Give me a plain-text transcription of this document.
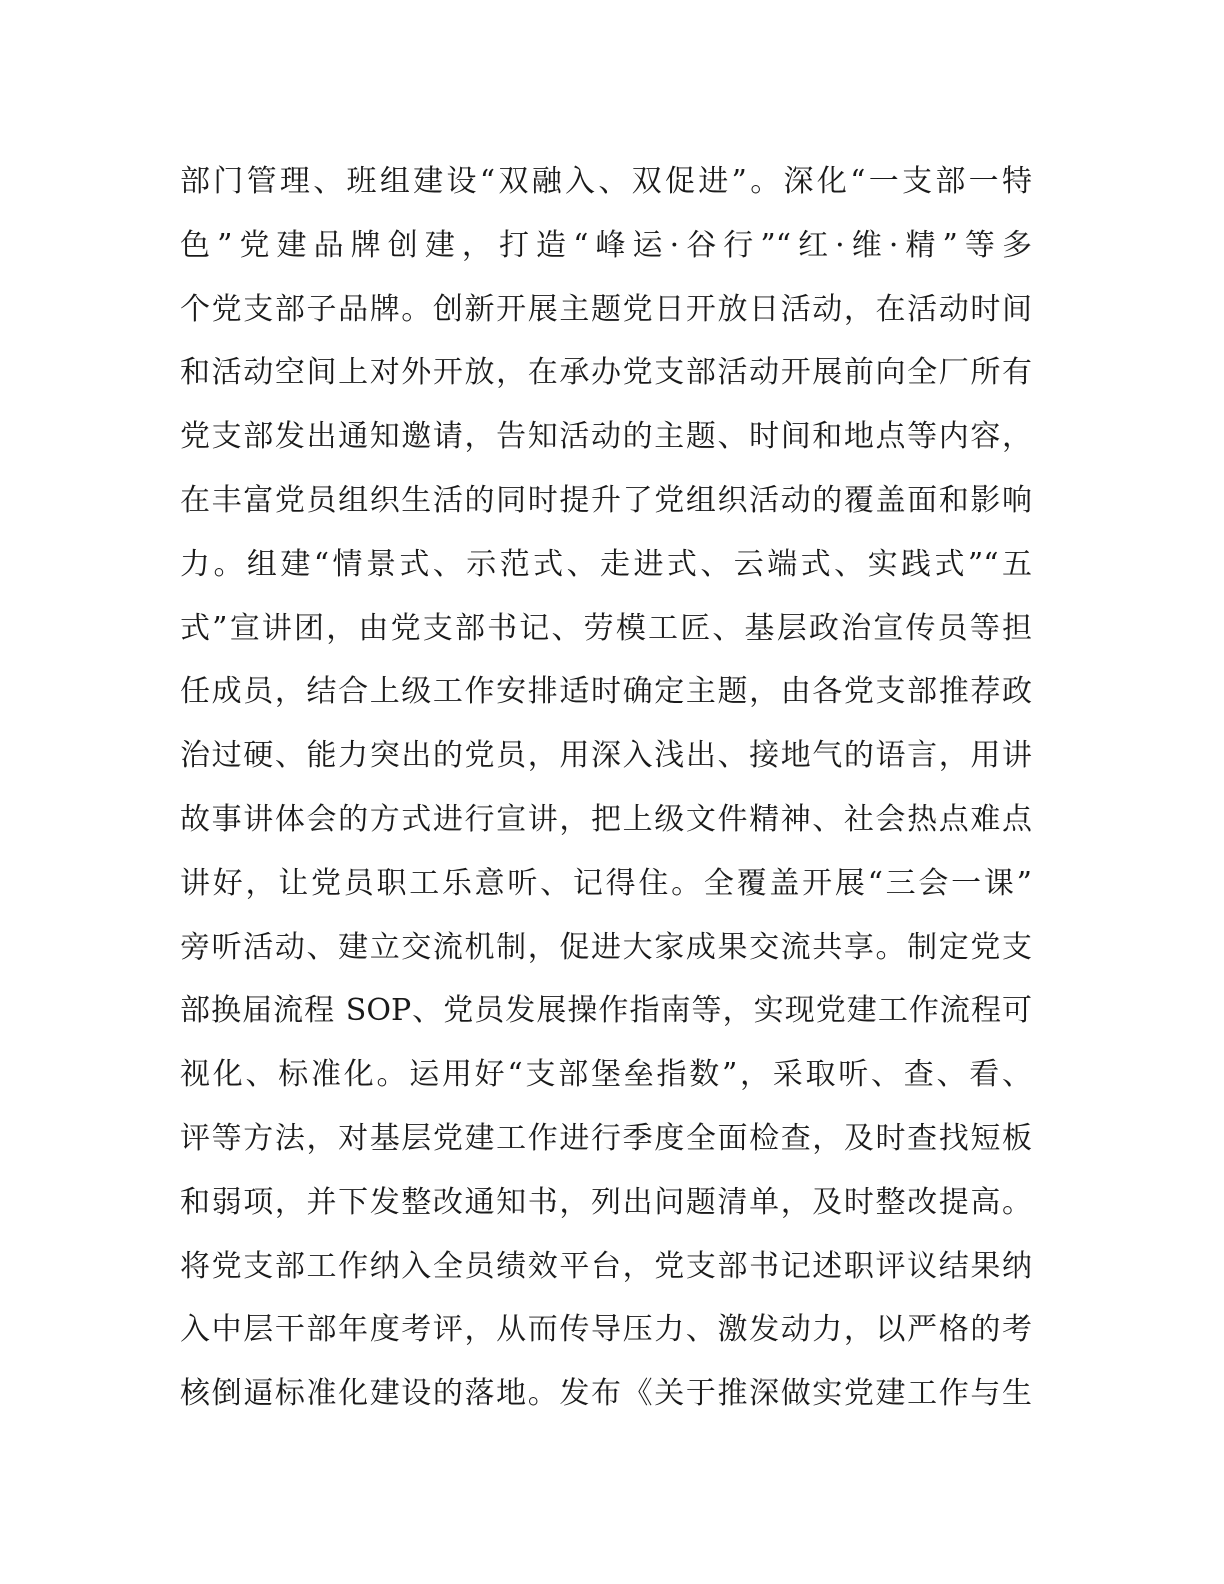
部门管理、班组建设“双融入、双促进”。深化“一支部一特
色”党建品牌创建，打造“峰运·谷行”“红·维·精”等多
个党支部子品牌。创新开展主题党日开放日活动，在活动时间
和活动空间上对外开放，在承办党支部活动开展前向全厂所有
党支部发出通知邀请，告知活动的主题、时间和地点等内容，
在丰富党员组织生活的同时提升了党组织活动的覆盖面和影响
力。组建“情景式、示范式、走进式、云端式、实践式”“五
式”宣讲团，由党支部书记、劳模工匠、基层政治宣传员等担
任成员，结合上级工作安排适时确定主题，由各党支部推荐政
治过硬、能力突出的党员，用深入浅出、接地气的语言，用讲
故事讲体会的方式进行宣讲，把上级文件精神、社会热点难点
讲好，让党员职工乐意听、记得住。全覆盖开展“三会一课”
旁听活动、建立交流机制，促进大家成果交流共享。制定党支
部换届流程 SOP、党员发展操作指南等，实现党建工作流程可
视化、标准化。运用好“支部堡垒指数”，采取听、查、看、
评等方法，对基层党建工作进行季度全面检查，及时查找短板
和弱项，并下发整改通知书，列出问题清单，及时整改提高。
将党支部工作纳入全员绩效平台，党支部书记述职评议结果纳
入中层干部年度考评，从而传导压力、激发动力，以严格的考
核倒逼标准化建设的落地。发布《关于推深做实党建工作与生
